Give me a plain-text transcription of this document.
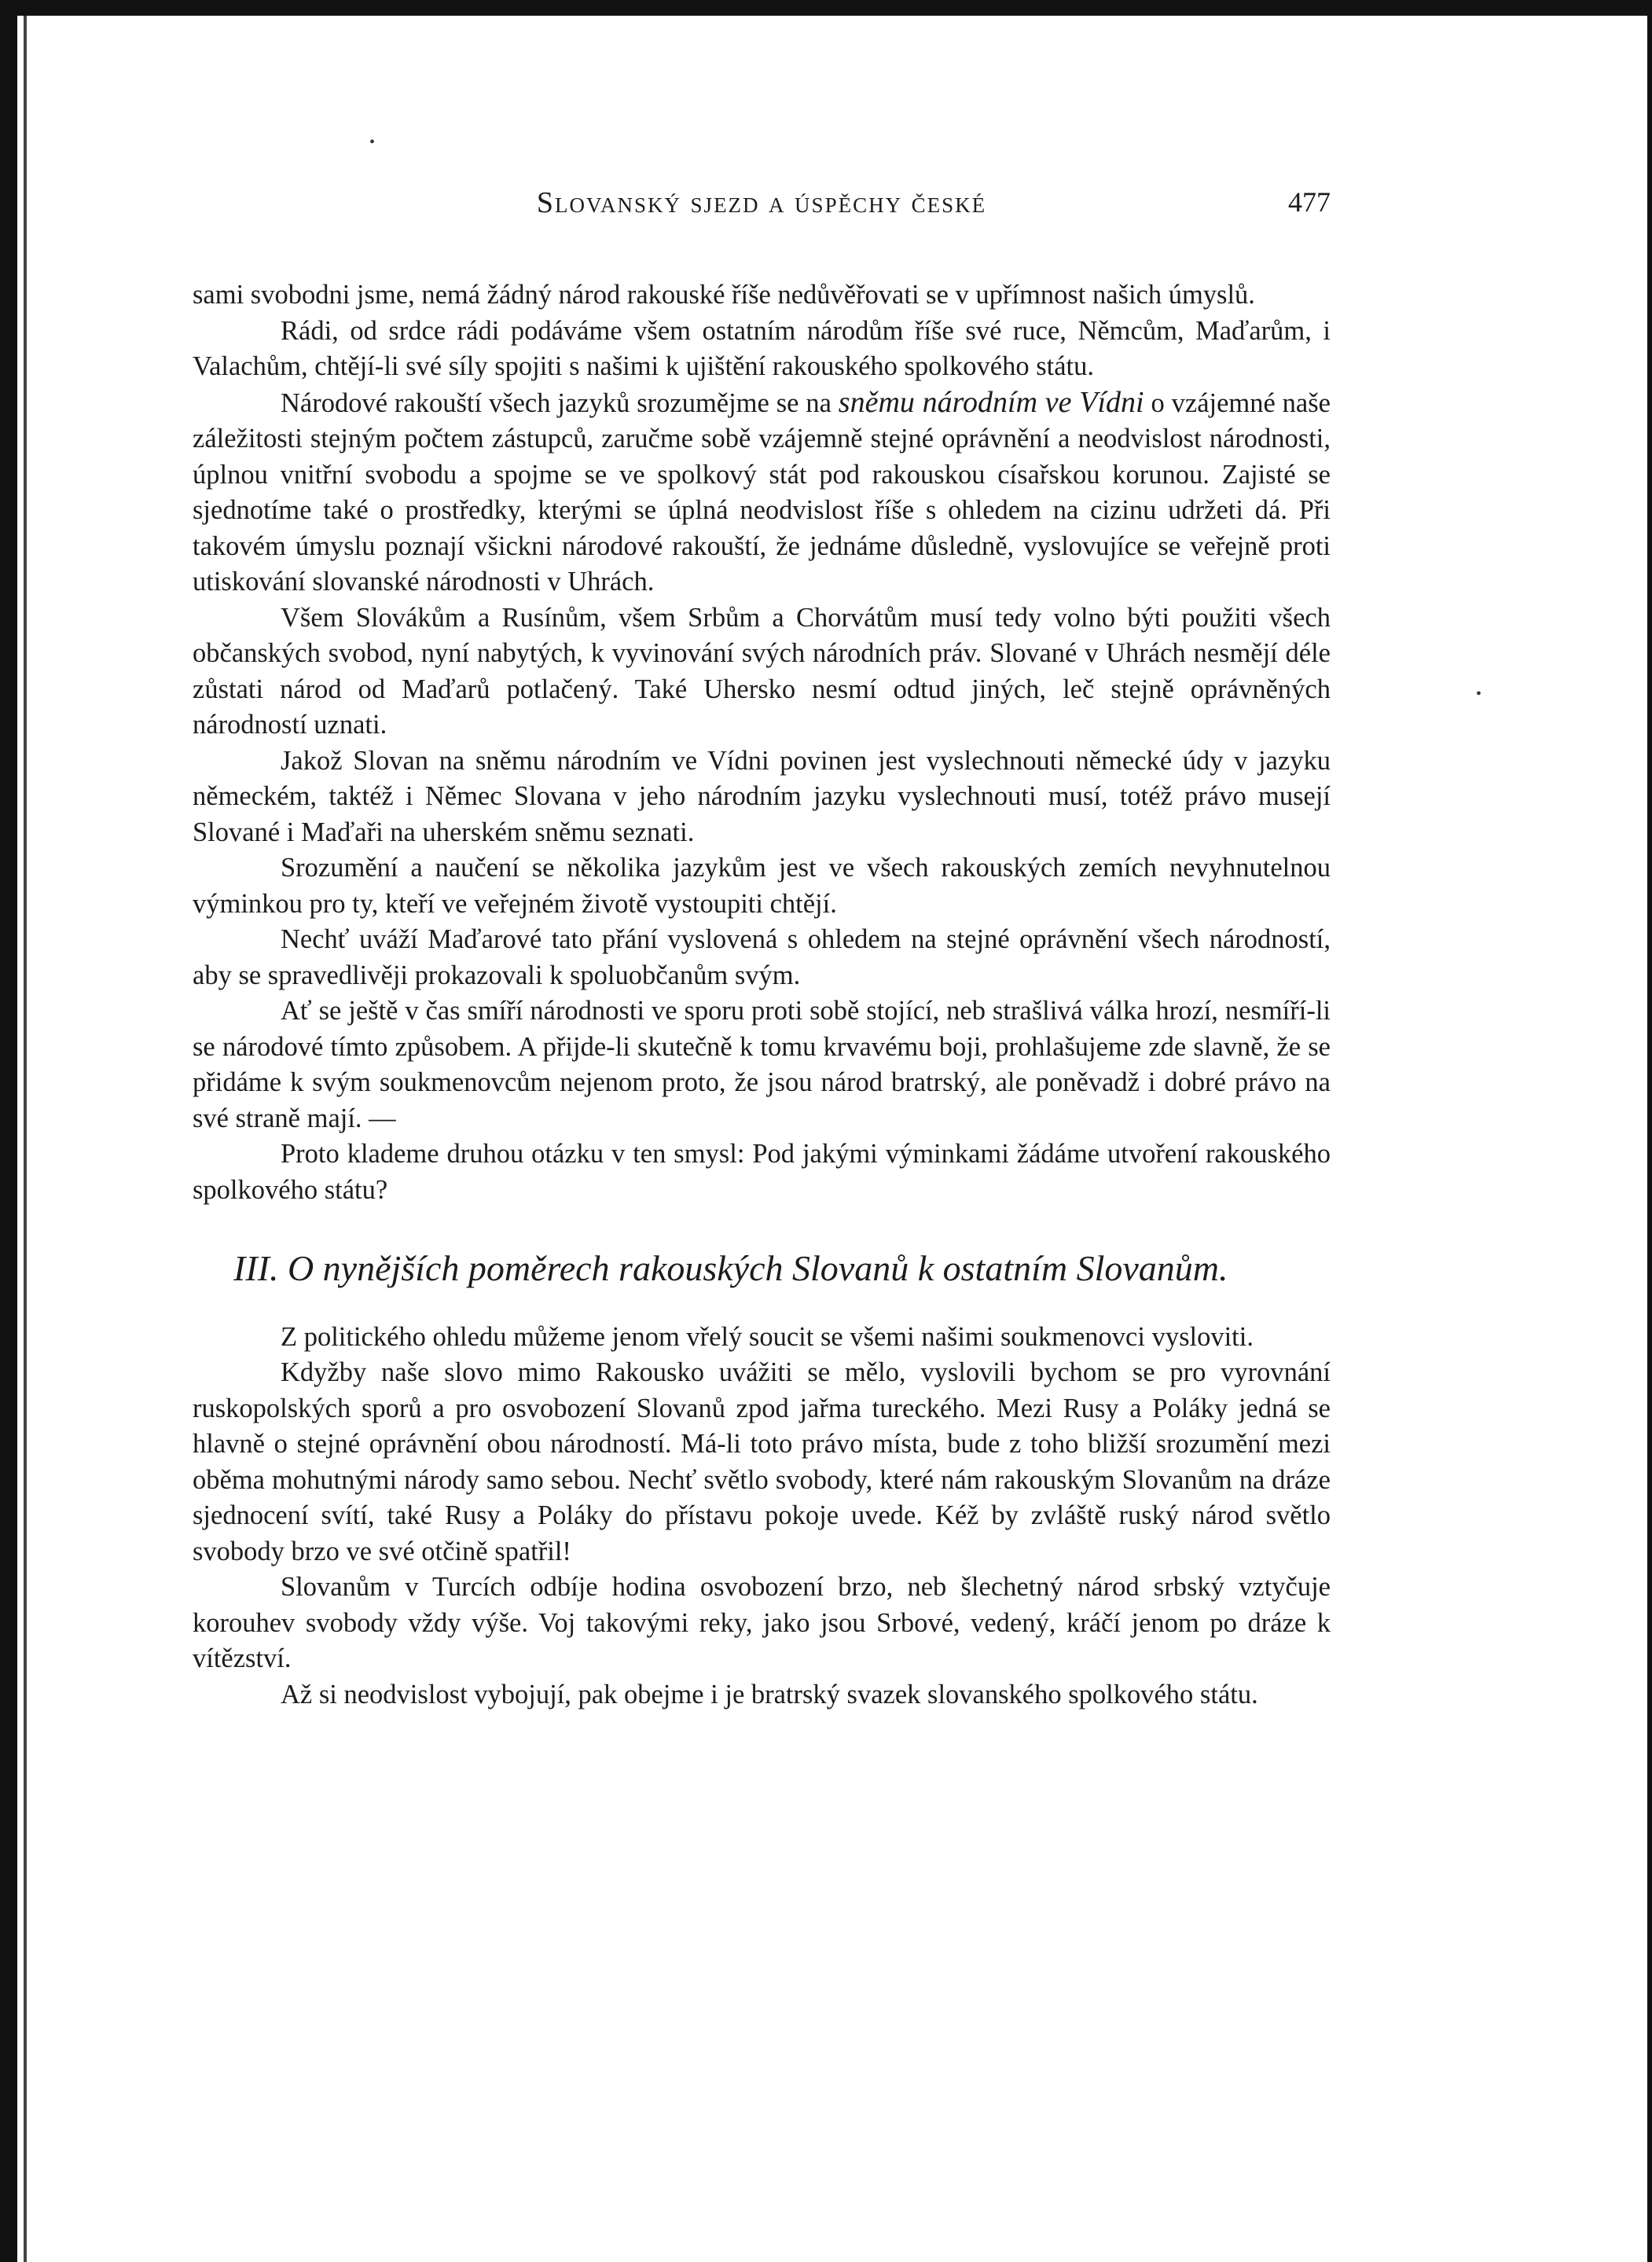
•
•
Slovanský sjezd a úspěchy české	477

sami svobodni jsme, nemá žádný národ rakouské říše nedůvěřovati se v upřímnost našich úmyslů.

Rádi, od srdce rádi podáváme všem ostatním národům říše své ruce, Němcům, Maďarům, i Valachům, chtějí-li své síly spojiti s našimi k ujištění rakouského spolkového státu.

Národové rakouští všech jazyků srozumějme se na sněmu národním ve Vídni o vzájemné naše záležitosti stejným počtem zástupců, zaručme sobě vzájemně stejné oprávnění a neodvislost národnosti, úplnou vnitřní svobodu a spojme se ve spolkový stát pod rakouskou císařskou korunou. Zajisté se sjednotíme také o prostředky, kterými se úplná neodvislost říše s ohledem na cizinu udržeti dá. Při takovém úmyslu poznají všickni národové rakouští, že jednáme důsledně, vyslovujíce se veřejně proti utiskování slovanské národnosti v Uhrách.

Všem Slovákům a Rusínům, všem Srbům a Chorvátům musí tedy volno býti použiti všech občanských svobod, nyní nabytých, k vyvinování svých národních práv. Slované v Uhrách nesmějí déle zůstati národ od Maďarů potlačený. Také Uhersko nesmí odtud jiných, leč stejně oprávněných národností uznati.

Jakož Slovan na sněmu národním ve Vídni povinen jest vyslechnouti německé údy v jazyku německém, taktéž i Němec Slovana v jeho národním jazyku vyslechnouti musí, totéž právo musejí Slované i Maďaři na uherském sněmu seznati.

Srozumění a naučení se několika jazykům jest ve všech rakouských zemích nevyhnutelnou výminkou pro ty, kteří ve veřejném životě vystoupiti chtějí.

Nechť uváží Maďarové tato přání vyslovená s ohledem na stejné oprávnění všech národností, aby se spravedlivěji prokazovali k spoluobčanům svým.

Ať se ještě v čas smíří národnosti ve sporu proti sobě stojící, neb strašlivá válka hrozí, nesmíří-li se národové tímto způsobem. A přijde-li skutečně k tomu krvavému boji, prohlašujeme zde slavně, že se přidáme k svým soukmenovcům nejenom proto, že jsou národ bratrský, ale poněvadž i dobré právo na své straně mají. —

Proto klademe druhou otázku v ten smysl: Pod jakými výminkami žádáme utvoření rakouského spolkového státu?

III. O nynějších poměrech rakouských Slovanů k ostatním Slovanům.

Z politického ohledu můžeme jenom vřelý soucit se všemi našimi soukmenovci vysloviti.

Kdyžby naše slovo mimo Rakousko uvážiti se mělo, vyslovili bychom se pro vyrovnání ruskopolských sporů a pro osvobození Slovanů zpod jařma tureckého. Mezi Rusy a Poláky jedná se hlavně o stejné oprávnění obou národností. Má-li toto právo místa, bude z toho bližší srozumění mezi oběma mohutnými národy samo sebou. Nechť světlo svobody, které nám rakouským Slovanům na dráze sjednocení svítí, také Rusy a Poláky do přístavu pokoje uvede. Kéž by zvláště ruský národ světlo svobody brzo ve své otčině spatřil!

Slovanům v Turcích odbíje hodina osvobození brzo, neb šlechetný národ srbský vztyčuje korouhev svobody vždy výše. Voj takovými reky, jako jsou Srbové, vedený, kráčí jenom po dráze k vítězství.

Až si neodvislost vybojují, pak obejme i je bratrský svazek slovanského spolkového státu.
